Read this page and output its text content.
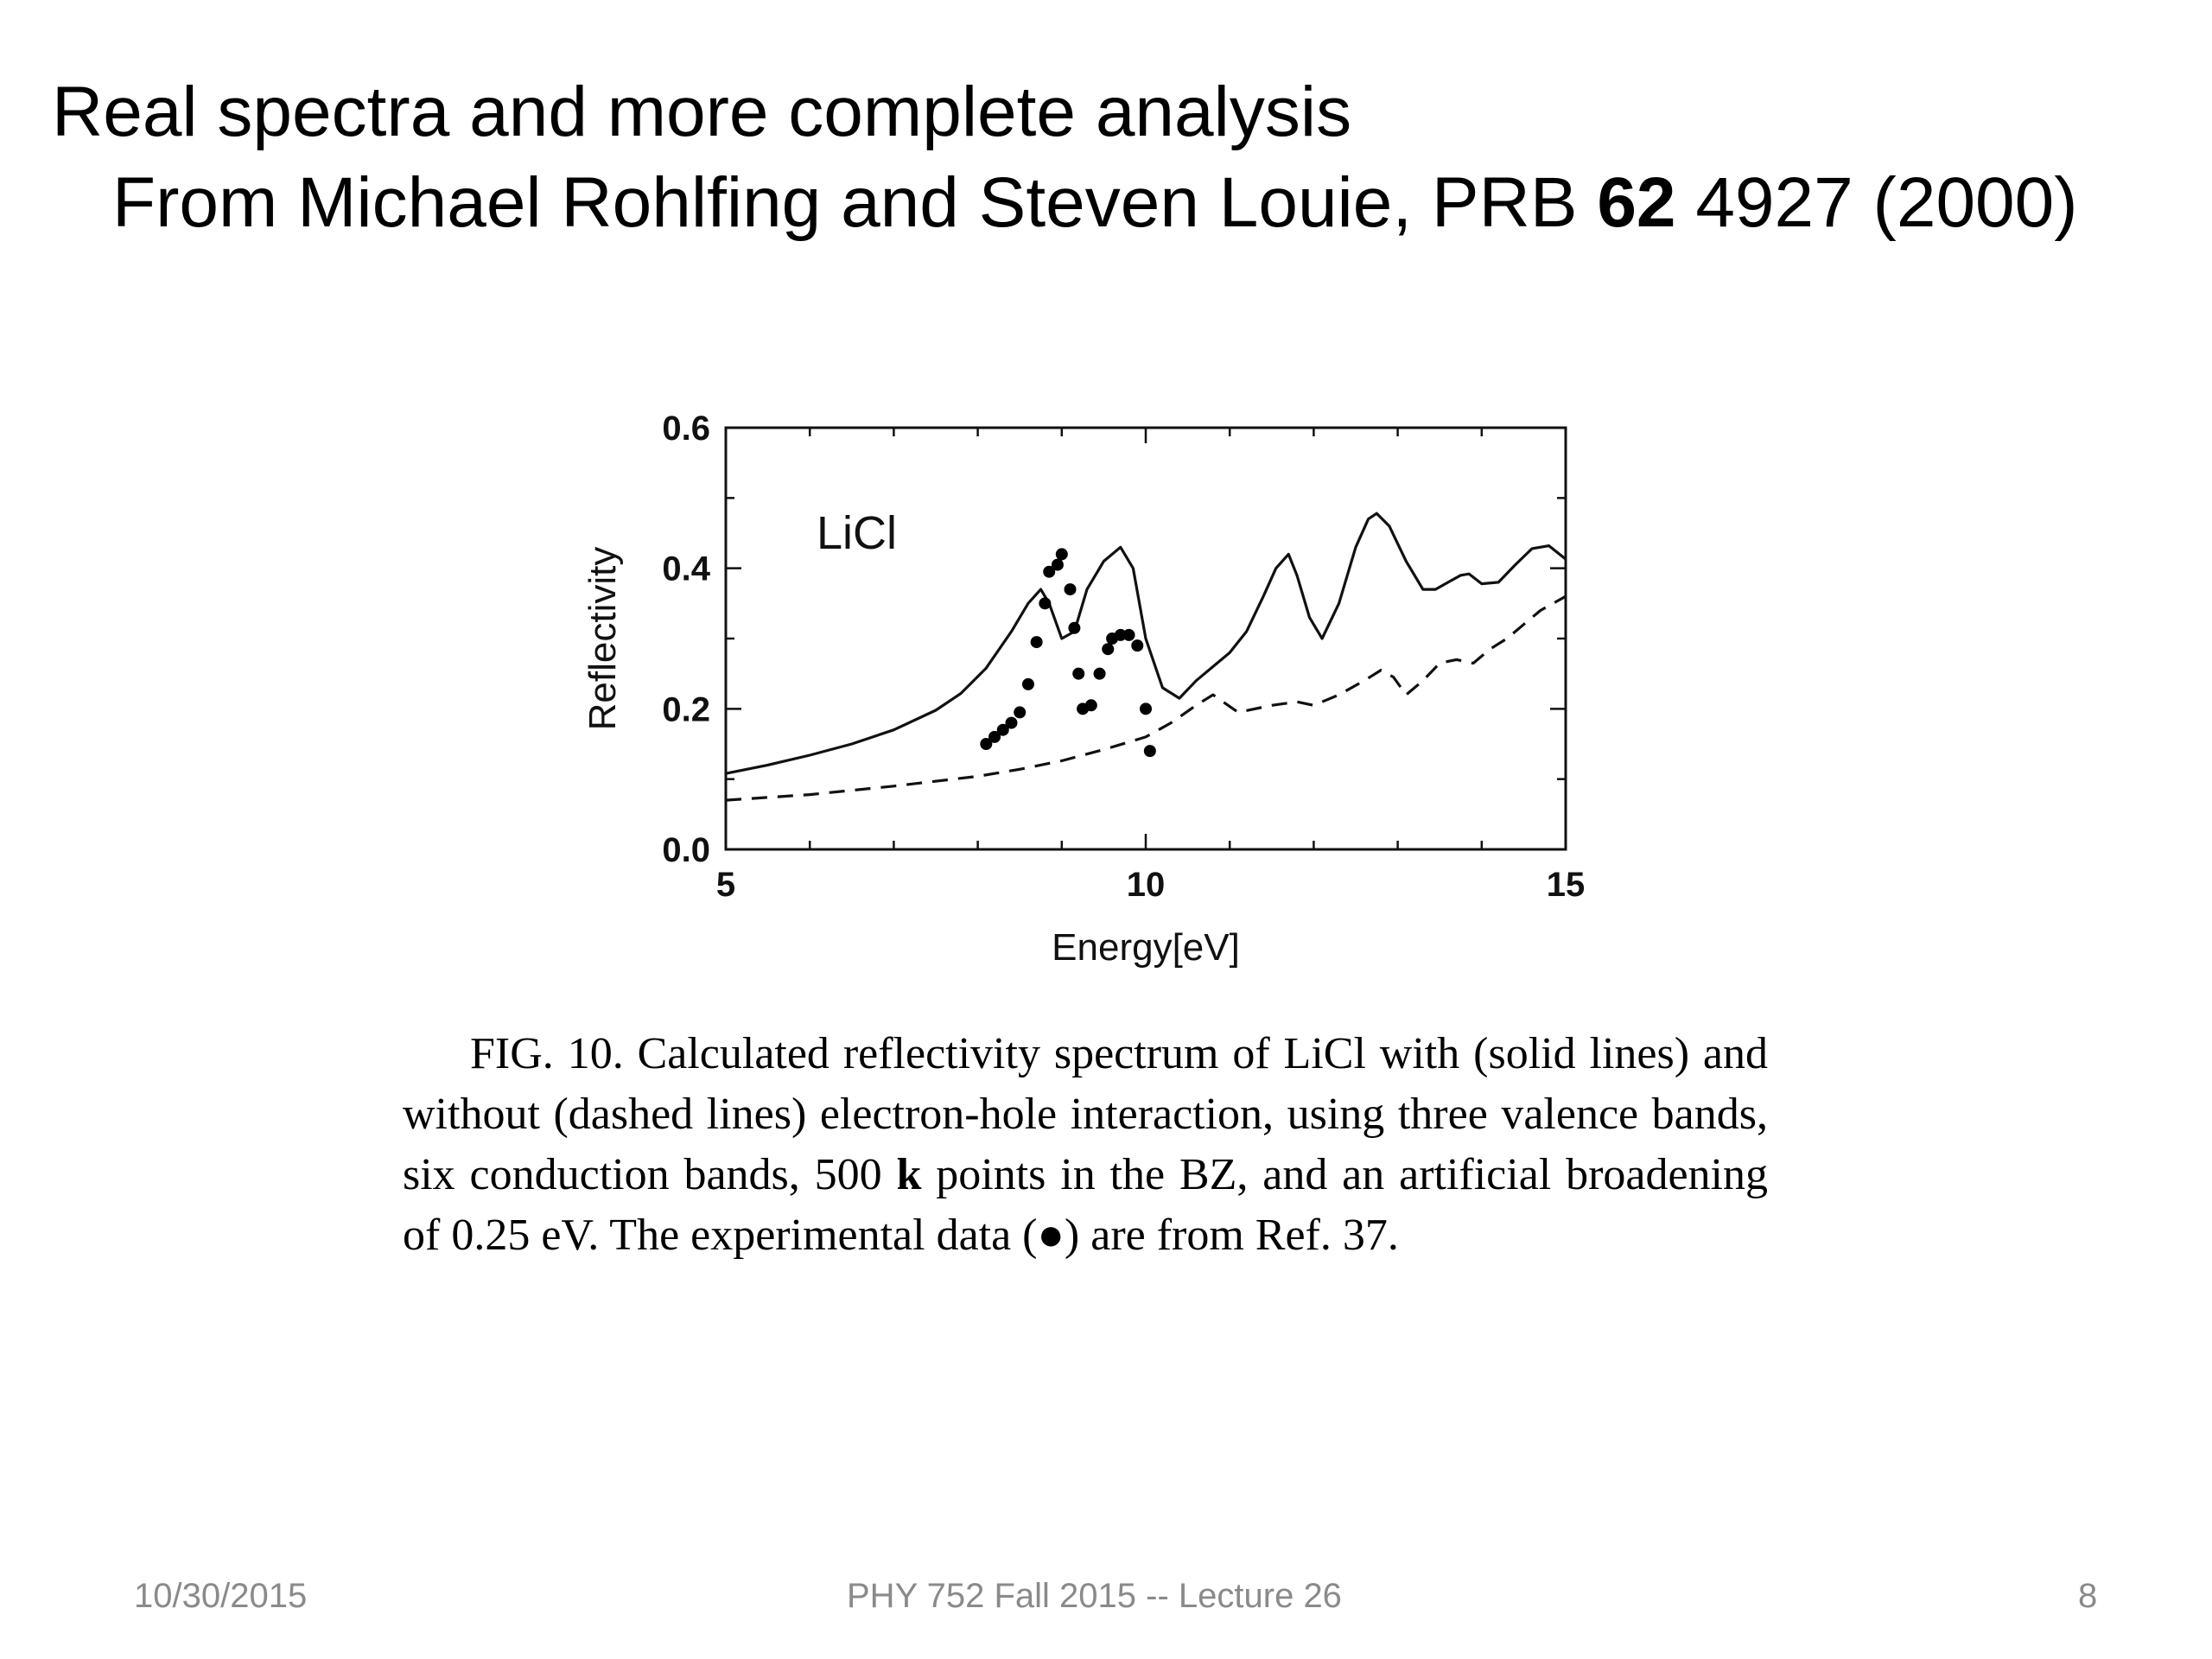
Real spectra and more complete analysis
From Michael Rohlfing and Steven Louie, PRB 62 4927 (2000)
0.0
0.2
0.4
0.6
5	10	15
Energy[eV]
Reflectivity
LiCl
FIG. 10. Calculated reflectivity spectrum of LiCl with (solid lines) and without (dashed lines) electron-hole interaction, using three valence bands, six conduction bands, 500 k points in the BZ, and an artificial broadening of 0.25 eV. The experimental data (●) are from Ref. 37.
10/30/2015	PHY 752 Fall 2015 -- Lecture 26	8
